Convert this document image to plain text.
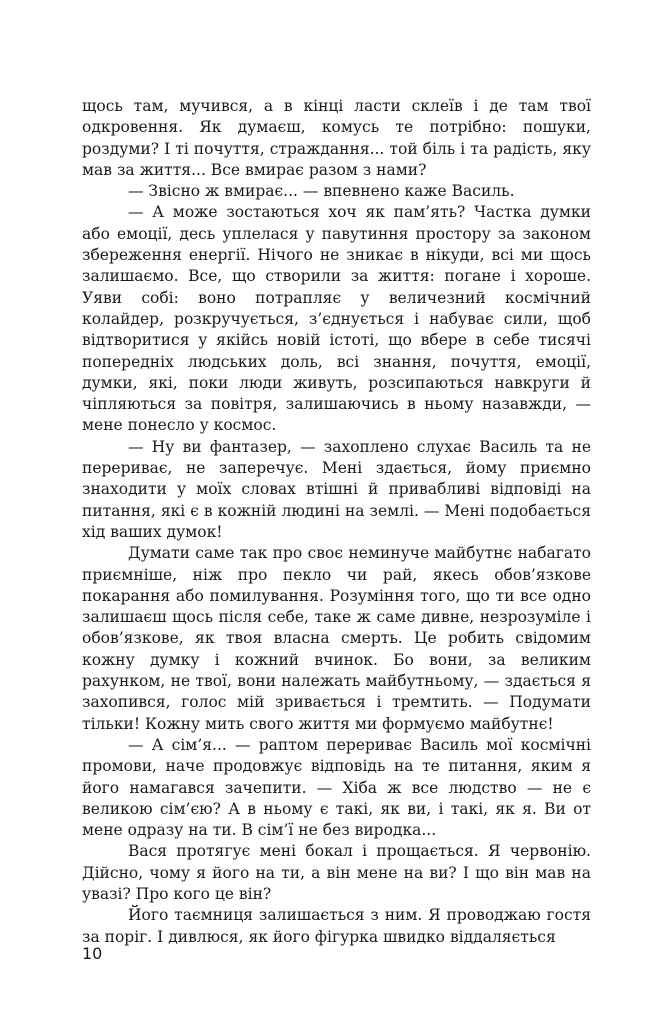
щось там, мучився, а в кінці ласти склеїв і де там твої одкровення. Як думаєш, комусь те потрібно: пошуки, роздуми? І ті почуття, страждання... той біль і та радість, яку мав за життя... Все вмирає разом з нами?

— Звісно ж вмирає... — впевнено каже Василь.

— А може зостаються хоч як пам’ять? Частка думки або емоції, десь уплелася у павутиння простору за законом збереження енергії. Нічого не зникає в нікуди, всі ми щось залишаємо. Все, що створили за життя: погане і хороше. Уяви собі: воно потрапляє у величезний космічний колайдер, розкручується, з’єднується і набуває сили, щоб відтворитися у якійсь новій істоті, що вбере в себе тисячі попередніх людських доль, всі знання, почуття, емоції, думки, які, поки люди живуть, розсипаються навкруги й чіпляються за повітря, залишаючись в ньому назавжди, — мене понесло у космос.

— Ну ви фантазер, — захоплено слухає Василь та не перериває, не заперечує. Мені здається, йому приємно знаходити у моїх словах втішні й привабливі відповіді на питання, які є в кожній людині на землі. — Мені подобається хід ваших думок!

Думати саме так про своє неминуче майбутнє набагато приємніше, ніж про пекло чи рай, якесь обов’язкове покарання або помилування. Розуміння того, що ти все одно залишаєш щось після себе, таке ж саме дивне, незрозуміле і обов’язкове, як твоя власна смерть. Це робить свідомим кожну думку і кожний вчинок. Бо вони, за великим рахунком, не твої, вони належать майбутньому, — здається я захопився, голос мій зривається і тремтить. — Подумати тільки! Кожну мить свого життя ми формуємо майбутнє!

— А сім’я... — раптом перериває Василь мої космічні промови, наче продовжує відповідь на те питання, яким я його намагався зачепити. — Хіба ж все людство — не є великою сім’єю? А в ньому є такі, як ви, і такі, як я. Ви от мене одразу на ти. В сім’ї не без виродка...

Вася протягує мені бокал і прощається. Я червонію. Дійсно, чому я його на ти, а він мене на ви? І що він мав на увазі? Про кого це він?

Його таємниця залишається з ним. Я проводжаю гостя за поріг. І дивлюся, як його фігурка швидко віддаляється

10
